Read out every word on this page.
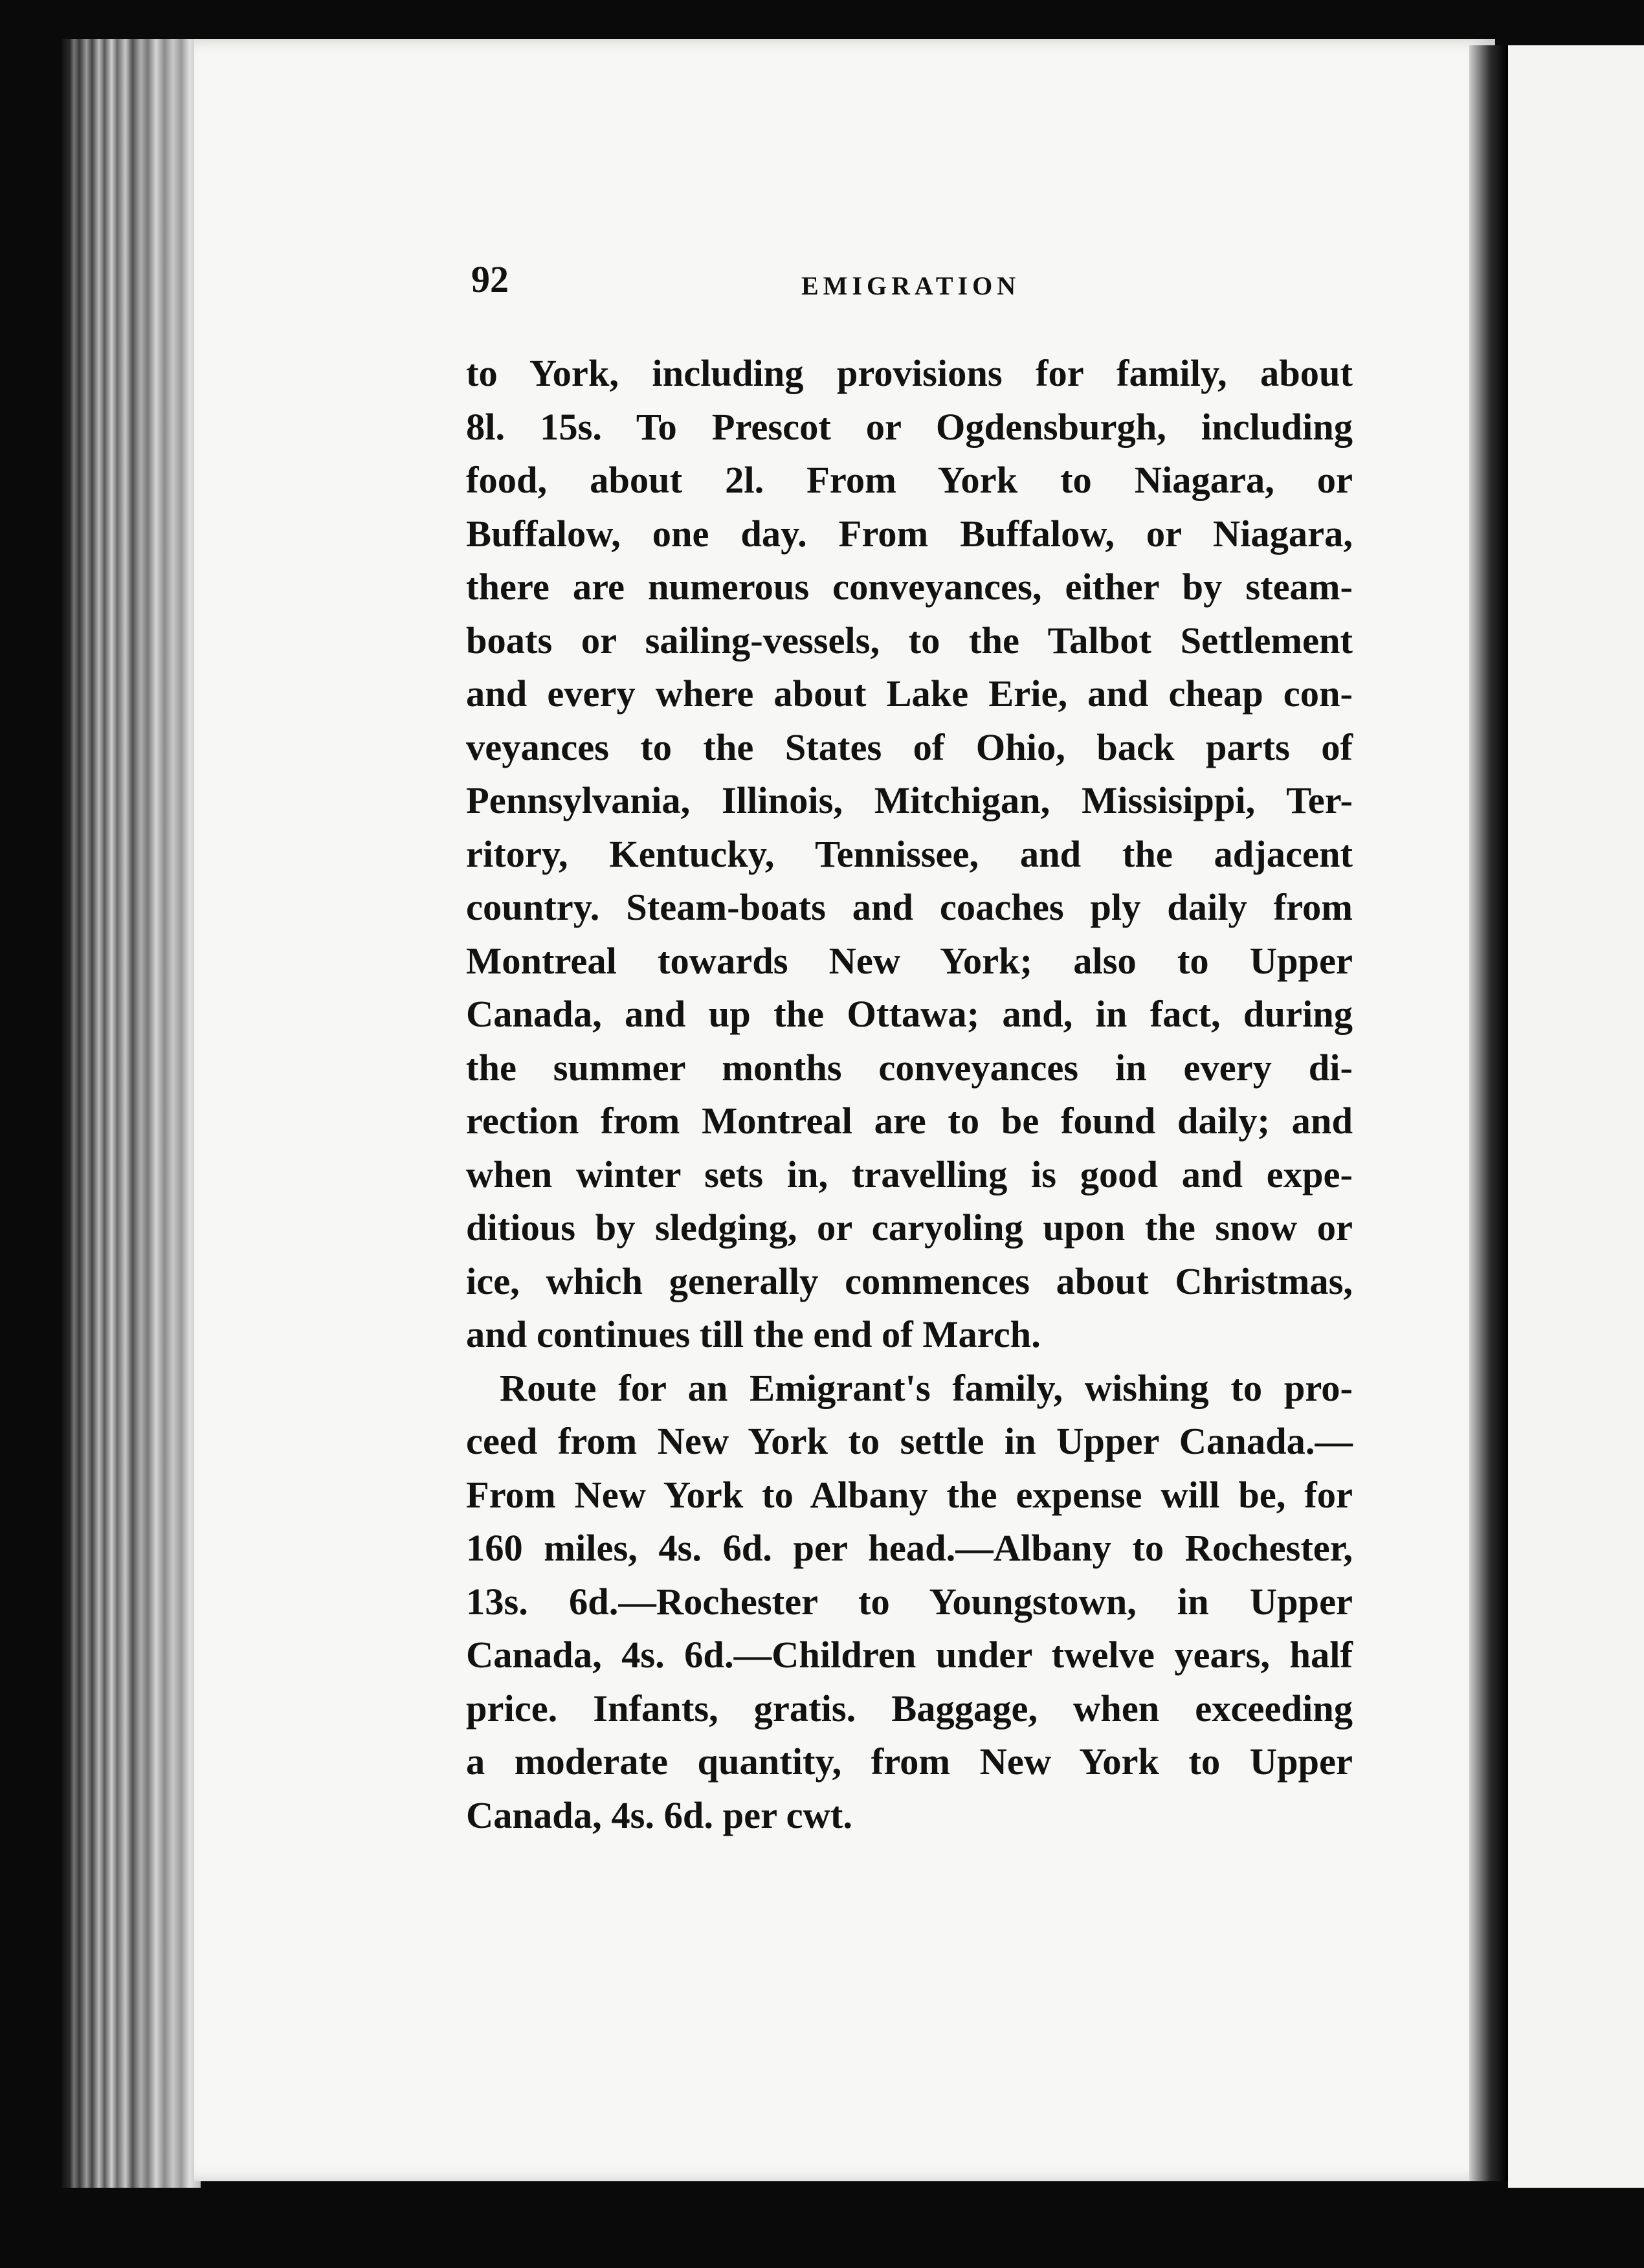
92	EMIGRATION
to York, including provisions for family, about
8l. 15s. To Prescot or Ogdensburgh, including
food, about 2l. From York to Niagara, or
Buffalow, one day. From Buffalow, or Niagara,
there are numerous conveyances, either by steam-
boats or sailing-vessels, to the Talbot Settlement
and every where about Lake Erie, and cheap con-
veyances to the States of Ohio, back parts of
Pennsylvania, Illinois, Mitchigan, Missisippi, Ter-
ritory, Kentucky, Tennissee, and the adjacent
country. Steam-boats and coaches ply daily from
Montreal towards New York; also to Upper
Canada, and up the Ottawa; and, in fact, during
the summer months conveyances in every di-
rection from Montreal are to be found daily; and
when winter sets in, travelling is good and expe-
ditious by sledging, or caryoling upon the snow or
ice, which generally commences about Christmas,
and continues till the end of March.
Route for an Emigrant's family, wishing to pro-
ceed from New York to settle in Upper Canada.—
From New York to Albany the expense will be, for
160 miles, 4s. 6d. per head.—Albany to Rochester,
13s. 6d.—Rochester to Youngstown, in Upper
Canada, 4s. 6d.—Children under twelve years, half
price. Infants, gratis. Baggage, when exceeding
a moderate quantity, from New York to Upper
Canada, 4s. 6d. per cwt.
